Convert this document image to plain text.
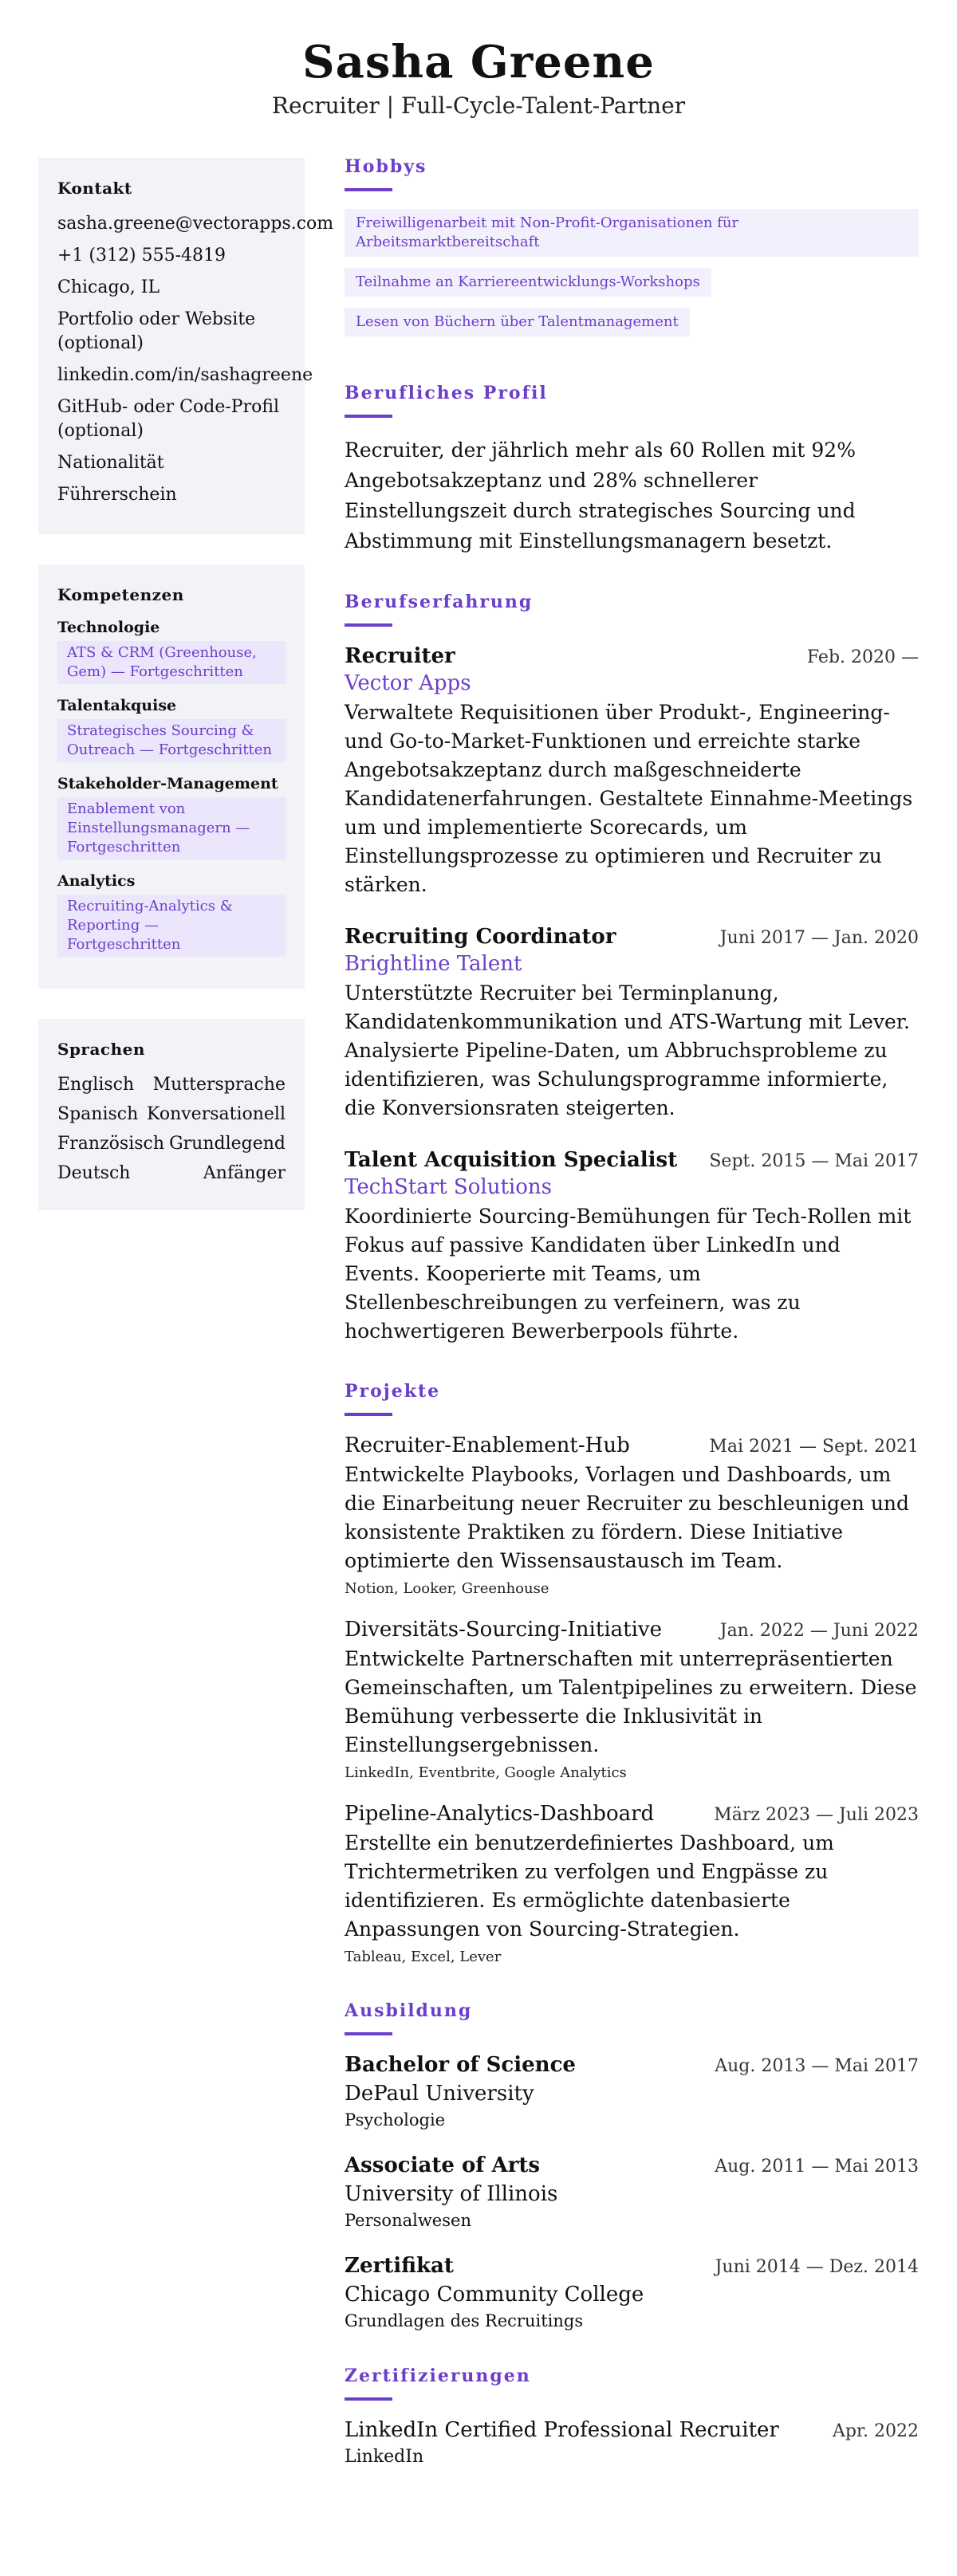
Sasha Greene
Recruiter | Full-Cycle-Talent-Partner
Kontakt
sasha.greene@vectorapps.com
+1 (312) 555-4819
Chicago, IL
Portfolio oder Website (optional)
linkedin.com/in/sashagreene
GitHub- oder Code-Profil (optional)
Nationalität
Führerschein
Kompetenzen
Technologie
ATS & CRM (Greenhouse, Gem) — Fortgeschritten
Talentakquise
Strategisches Sourcing & Outreach — Fortgeschritten
Stakeholder-Management
Enablement von Einstellungsmanagern — Fortgeschritten
Analytics
Recruiting-Analytics & Reporting — Fortgeschritten
Sprachen
Englisch Muttersprache
Spanisch Konversationell
Französisch Grundlegend
Deutsch	Anfänger
Hobbys
Freiwilligenarbeit mit Non-Profit-Organisationen für Arbeitsmarktbereitschaft
Teilnahme an Karriereentwicklungs-Workshops
Lesen von Büchern über Talentmanagement
Berufliches Profil
Recruiter, der jährlich mehr als 60 Rollen mit 92% Angebotsakzeptanz und 28% schnellerer Einstellungszeit durch strategisches Sourcing und Abstimmung mit Einstellungsmanagern besetzt.
Berufserfahrung
Recruiter	Feb. 2020 —
Vector Apps
Verwaltete Requisitionen über Produkt-, Engineering- und Go-to-Market-Funktionen und erreichte starke Angebotsakzeptanz durch maßgeschneiderte Kandidatenerfahrungen. Gestaltete Einnahme-Meetings um und implementierte Scorecards, um Einstellungsprozesse zu optimieren und Recruiter zu stärken.
Recruiting Coordinator	Juni 2017 — Jan. 2020
Brightline Talent
Unterstützte Recruiter bei Terminplanung, Kandidatenkommunikation und ATS-Wartung mit Lever. Analysierte Pipeline-Daten, um Abbruchsprobleme zu identifizieren, was Schulungsprogramme informierte, die Konversionsraten steigerten.
Talent Acquisition Specialist Sept. 2015 — Mai 2017
TechStart Solutions
Koordinierte Sourcing-Bemühungen für Tech-Rollen mit Fokus auf passive Kandidaten über LinkedIn und Events. Kooperierte mit Teams, um Stellenbeschreibungen zu verfeinern, was zu hochwertigeren Bewerberpools führte.
Projekte
Recruiter-Enablement-Hub	Mai 2021 — Sept. 2021
Entwickelte Playbooks, Vorlagen und Dashboards, um die Einarbeitung neuer Recruiter zu beschleunigen und konsistente Praktiken zu fördern. Diese Initiative optimierte den Wissensaustausch im Team.
Notion, Looker, Greenhouse
Diversitäts-Sourcing-Initiative	Jan. 2022 — Juni 2022
Entwickelte Partnerschaften mit unterrepräsentierten Gemeinschaften, um Talentpipelines zu erweitern. Diese Bemühung verbesserte die Inklusivität in Einstellungsergebnissen.
LinkedIn, Eventbrite, Google Analytics
Pipeline-Analytics-Dashboard	März 2023 — Juli 2023
Erstellte ein benutzerdefiniertes Dashboard, um Trichtermetriken zu verfolgen und Engpässe zu identifizieren. Es ermöglichte datenbasierte Anpassungen von Sourcing-Strategien.
Tableau, Excel, Lever
Ausbildung
Bachelor of Science	Aug. 2013 — Mai 2017
DePaul University
Psychologie
Associate of Arts	Aug. 2011 — Mai 2013
University of Illinois
Personalwesen
Zertifikat	Juni 2014 — Dez. 2014
Chicago Community College
Grundlagen des Recruitings
Zertifizierungen
LinkedIn Certified Professional Recruiter	Apr. 2022
LinkedIn
